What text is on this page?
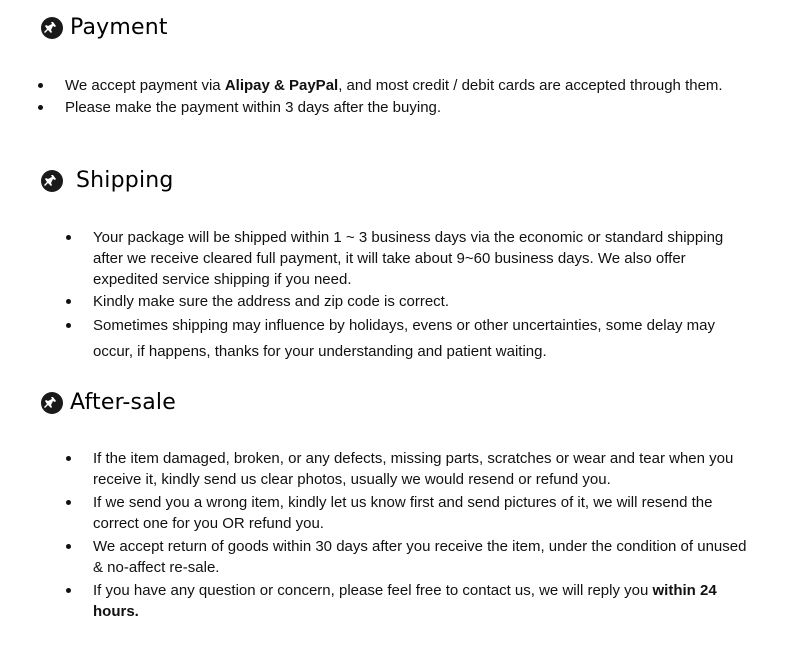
Payment
We accept payment via Alipay & PayPal, and most credit / debit cards are accepted through them.
Please make the payment within 3 days after the buying.
Shipping
Your package will be shipped within 1 ~ 3 business days via the economic or standard shipping after we receive cleared full payment, it will take about 9~60 business days. We also offer expedited service shipping if you need.
Kindly make sure the address and zip code is correct.
Sometimes shipping may influence by holidays, evens or other uncertainties, some delay may occur, if happens, thanks for your understanding and patient waiting.
After-sale
If the item damaged, broken, or any defects, missing parts, scratches or wear and tear when you receive it, kindly send us clear photos, usually we would resend or refund you.
If we send you a wrong item, kindly let us know first and send pictures of it, we will resend the correct one for you OR refund you.
We accept return of goods within 30 days after you receive the item, under the condition of unused & no-affect re-sale.
If you have any question or concern, please feel free to contact us, we will reply you within 24 hours.
